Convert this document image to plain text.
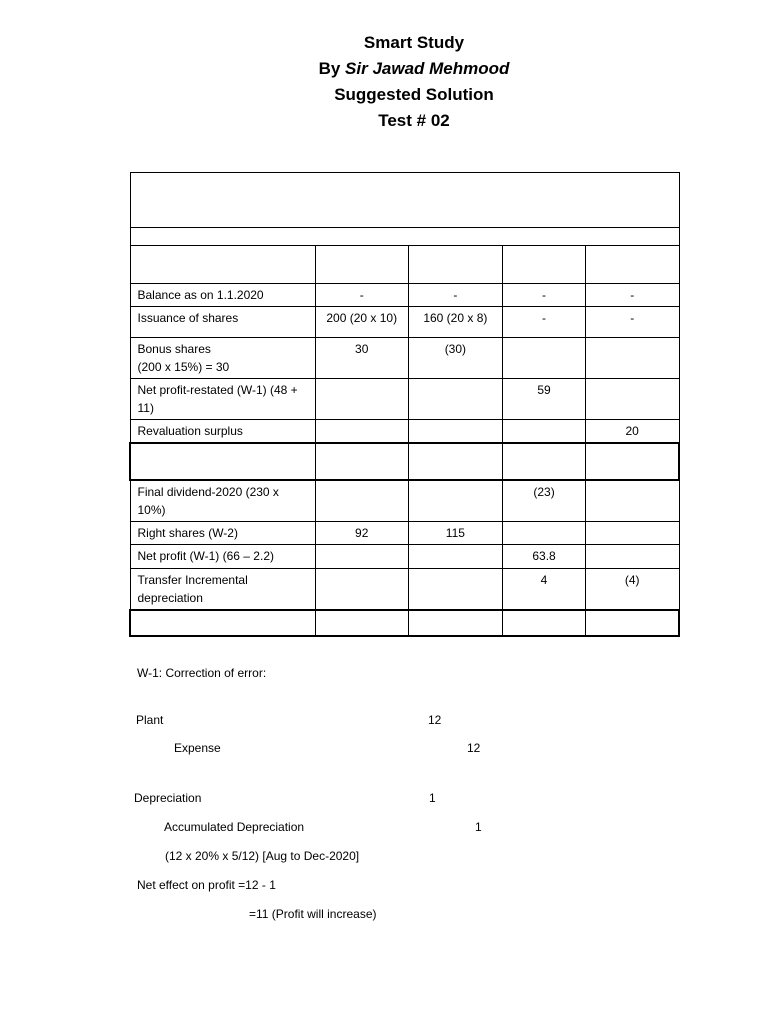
Smart Study
By Sir Jawad Mehmood
Suggested Solution
Test # 02

Balance as on 1.1.2020	-	-	-	-
Issuance of shares	200 (20 x 10)	160 (20 x 8)	-	-
Bonus shares
(200 x 15%) = 30	30	(30)		
Net profit-restated (W-1) (48 + 11)			59	
Revaluation surplus				20

Final dividend-2020 (230 x 10%)			(23)	
Right shares (W-2)	92	115		
Net profit (W-1) (66 – 2.2)			63.8	
Transfer Incremental depreciation			4	(4)

W-1: Correction of error:
Plant	12
Expense	12
Depreciation	1
Accumulated Depreciation	1
(12 x 20% x 5/12) [Aug to Dec-2020]
Net effect on profit =12 - 1
=11 (Profit will increase)
